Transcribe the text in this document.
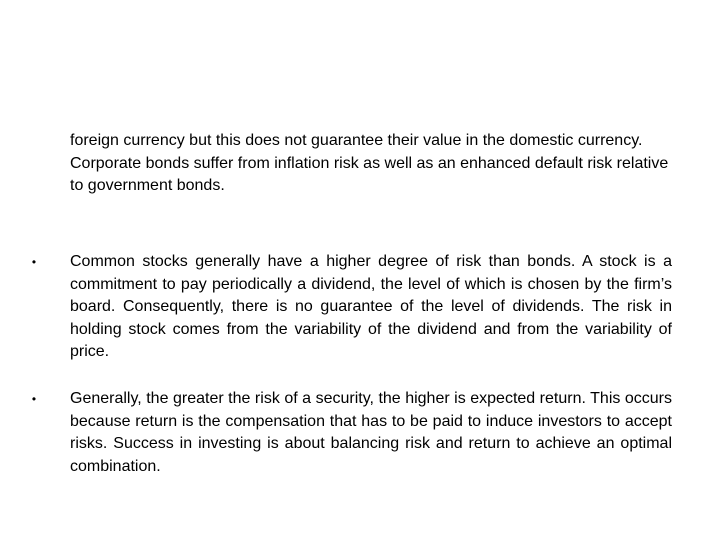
foreign currency but this does not guarantee their value in the domestic currency. Corporate bonds suffer from inflation risk as well as an enhanced default risk relative to government bonds.

• Common stocks generally have a higher degree of risk than bonds. A stock is a commitment to pay periodically a dividend, the level of which is chosen by the firm’s board. Consequently, there is no guarantee of the level of dividends. The risk in holding stock comes from the variability of the dividend and from the variability of price.

• Generally, the greater the risk of a security, the higher is expected return. This occurs because return is the compensation that has to be paid to induce investors to accept risks. Success in investing is about balancing risk and return to achieve an optimal combination.
